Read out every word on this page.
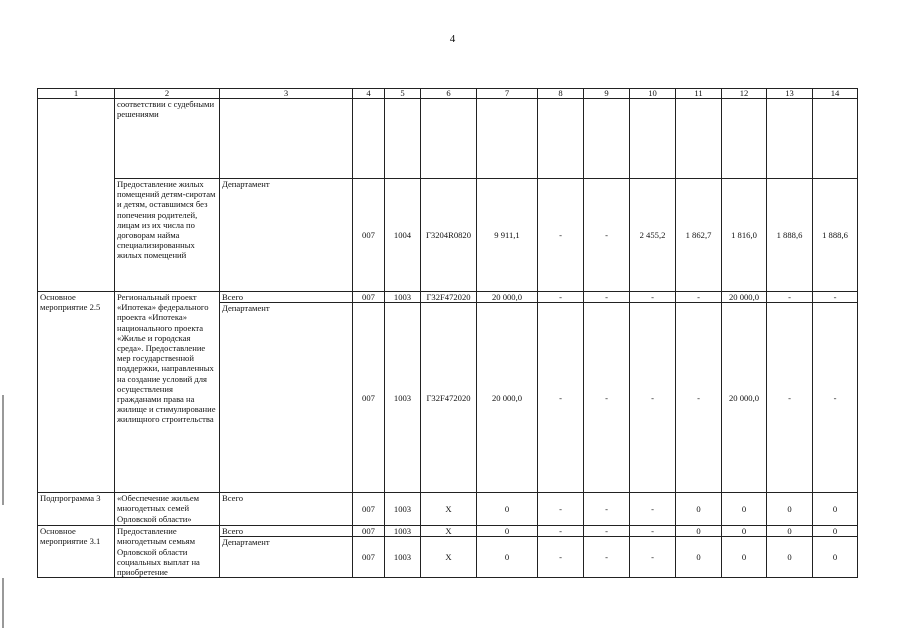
4
1	2	3	4	5	6	7	8	9	10	11	12	13	14
	соответствии с судебными решениями												
	Предоставление жилых помещений детям-сиротам и детям, оставшимся без попечения родителей, лицам из их числа по договорам найма специализированных жилых помещений	Департамент	007	1004	Г3204R0820	9 911,1	-	-	2 455,2	1 862,7	1 816,0	1 888,6	1 888,6
Основное мероприятие 2.5	Региональный проект «Ипотека» федерального проекта «Ипотека» национального проекта «Жилье и городская среда». Предоставление мер государственной поддержки, направленных на создание условий для осуществления гражданами права на жилище и стимулирование жилищного строительства	Всего	007	1003	Г32F472020	20 000,0	-	-	-	-	20 000,0	-	-
		Департамент	007	1003	Г32F472020	20 000,0	-	-	-	-	20 000,0	-	-
Подпрограмма 3	«Обеспечение жильем многодетных семей Орловской области»	Всего	007	1003	Х	0	-	-	-	0	0	0	0
Основное мероприятие 3.1	Предоставление многодетным семьям Орловской области социальных выплат на приобретение	Всего	007	1003	Х	0	-	-	-	0	0	0	0
		Департамент	007	1003	Х	0	-	-	-	0	0	0	0
